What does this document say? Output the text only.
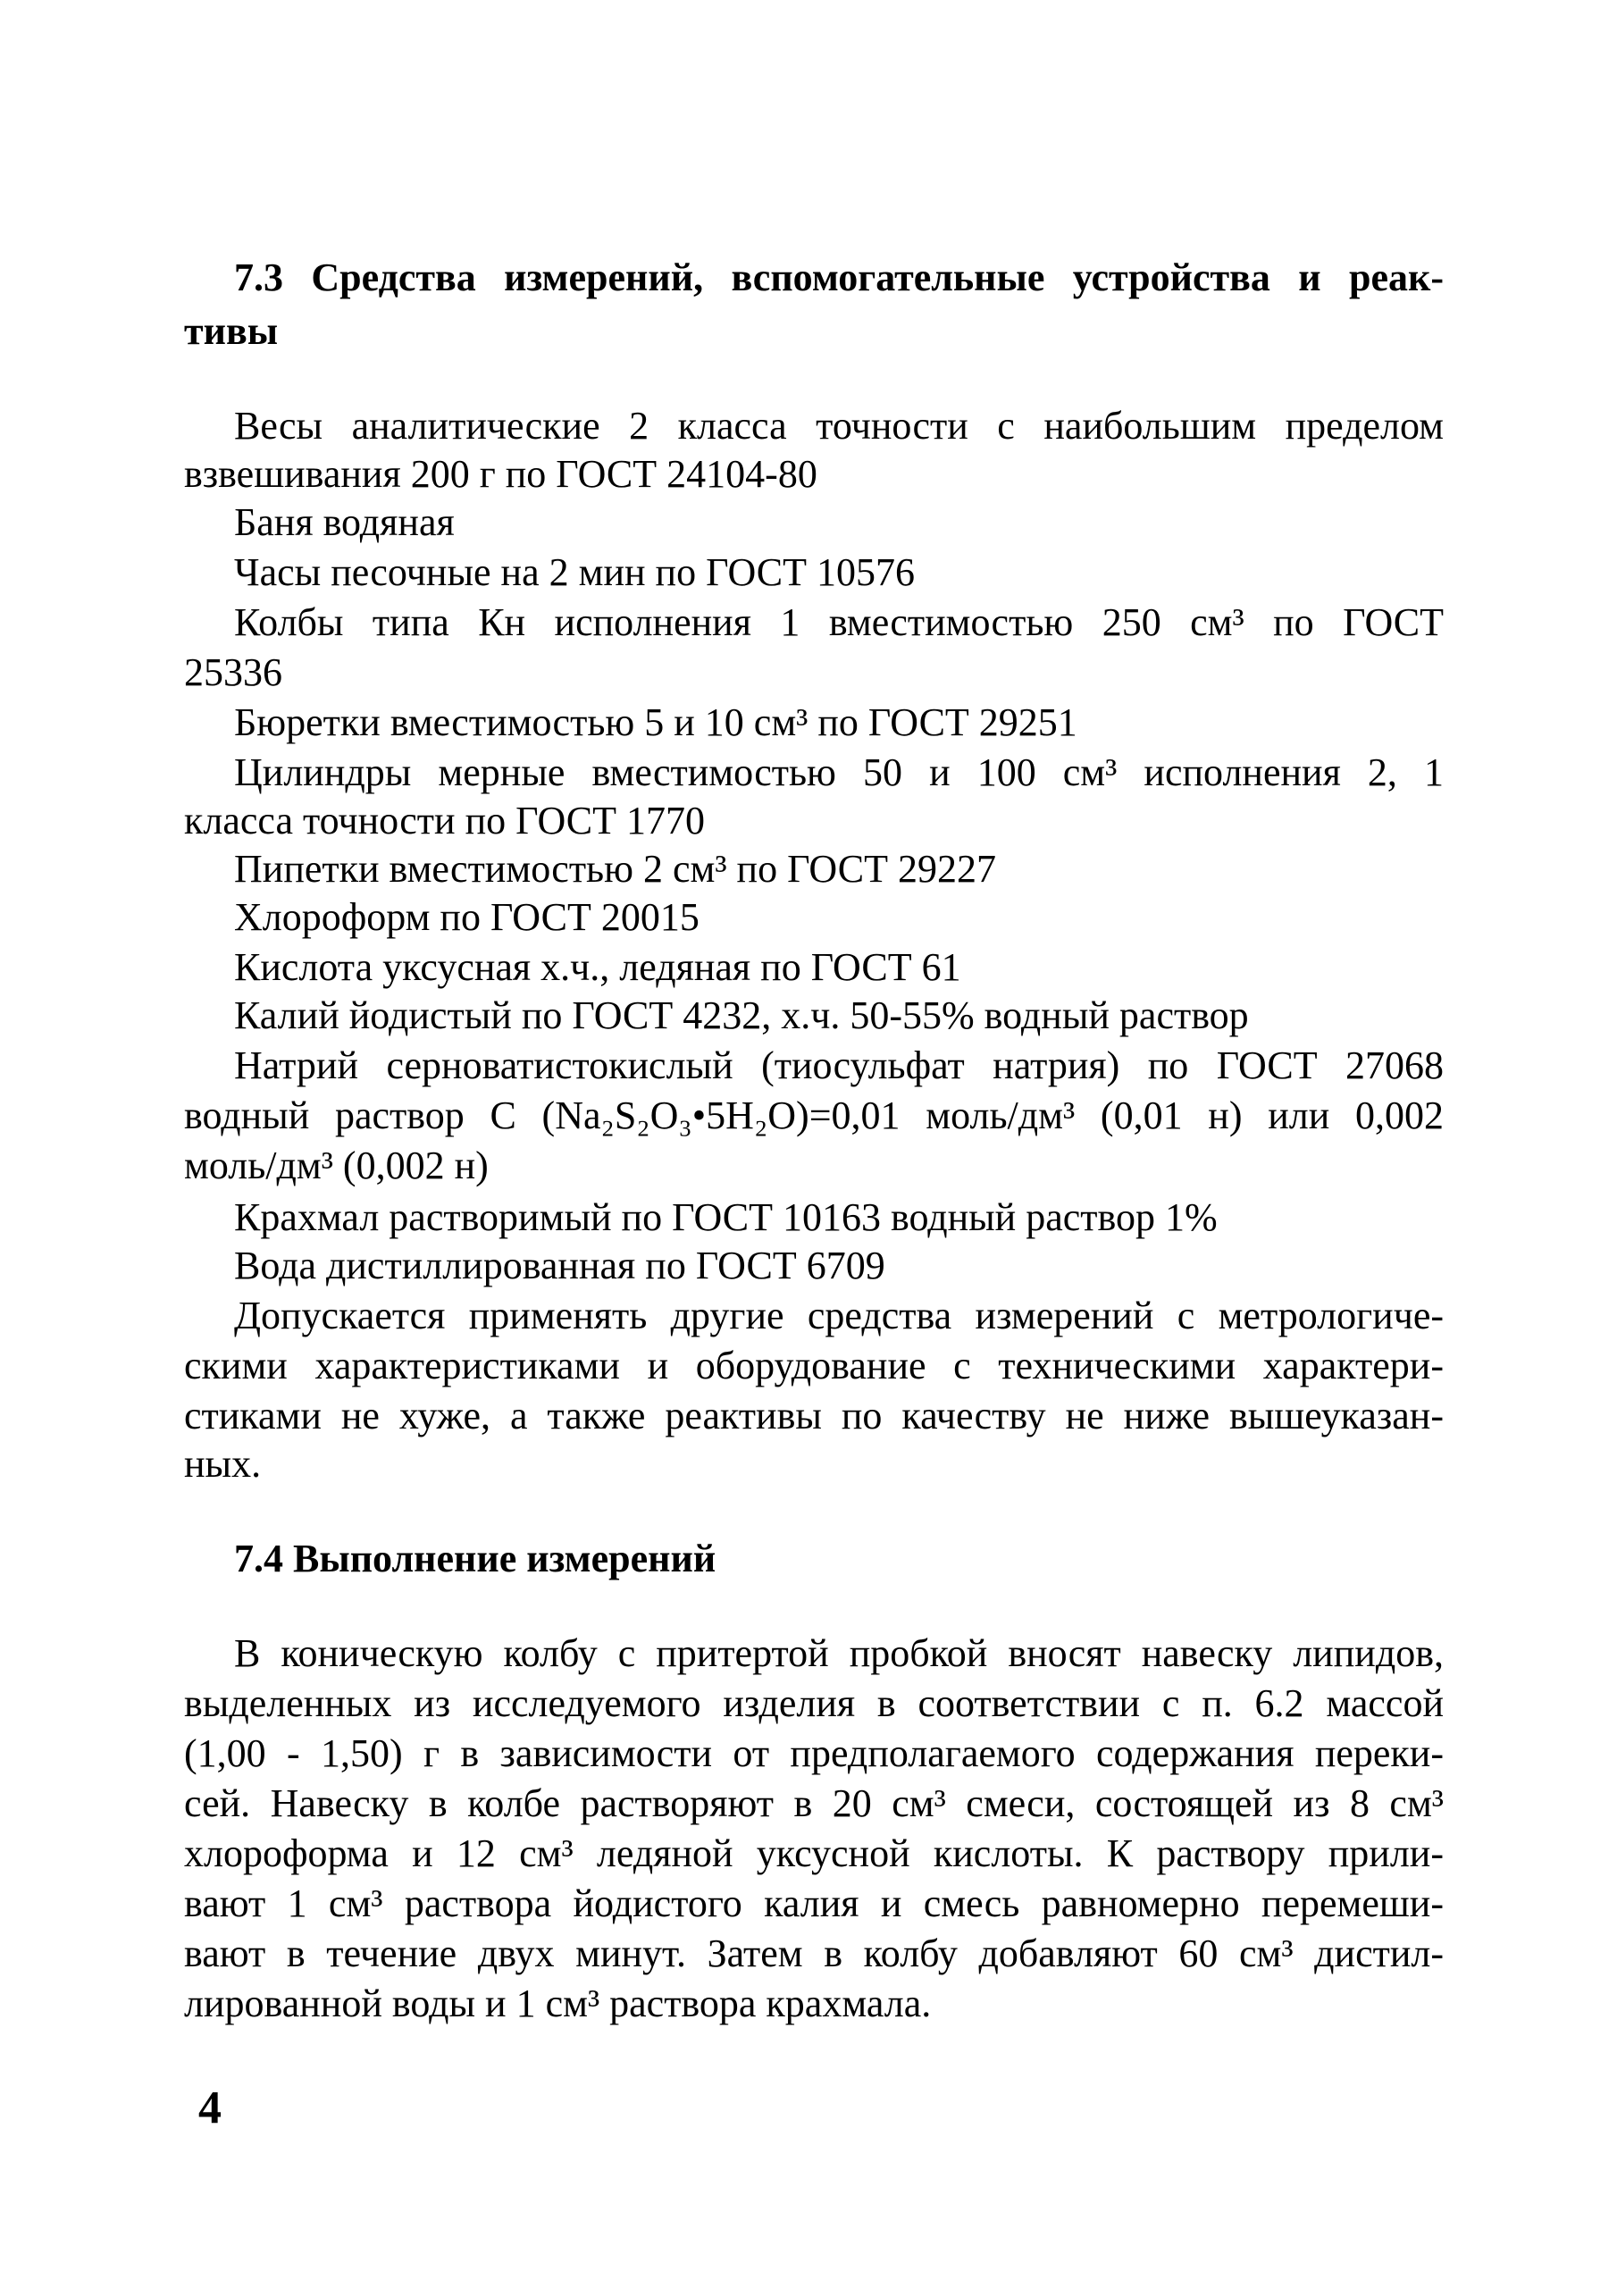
7.3 Средства измерений, вспомогательные устройства и реак-
тивы
Весы аналитические 2 класса точности с наибольшим пределом
взвешивания 200 г по ГОСТ 24104-80
Баня водяная
Часы песочные на 2 мин по ГОСТ 10576
Колбы типа Кн исполнения 1 вместимостью 250 см³ по ГОСТ
25336
Бюретки вместимостью 5 и 10 см³ по ГОСТ 29251
Цилиндры мерные вместимостью 50 и 100 см³ исполнения 2, 1
класса точности по ГОСТ 1770
Пипетки вместимостью 2 см³ по ГОСТ 29227
Хлороформ по ГОСТ 20015
Кислота уксусная х.ч., ледяная по ГОСТ 61
Калий йодистый по ГОСТ 4232, х.ч. 50-55% водный раствор
Натрий серноватистокислый (тиосульфат натрия) по ГОСТ 27068
водный раствор С (Na₂S₂O₃•5H₂O)=0,01 моль/дм³ (0,01 н) или 0,002
моль/дм³ (0,002 н)
Крахмал растворимый по ГОСТ 10163 водный раствор 1%
Вода дистиллированная по ГОСТ 6709
Допускается применять другие средства измерений с метрологиче-
скими характеристиками и оборудование с техническими характери-
стиками не хуже, а также реактивы по качеству не ниже вышеуказан-
ных.
7.4 Выполнение измерений
В коническую колбу с притертой пробкой вносят навеску липидов,
выделенных из исследуемого изделия в соответствии с п. 6.2 массой
(1,00 - 1,50) г в зависимости от предполагаемого содержания переки-
сей. Навеску в колбе растворяют в 20 см³ смеси, состоящей из 8 см³
хлороформа и 12 см³ ледяной уксусной кислоты. К раствору прили-
вают 1 см³ раствора йодистого калия и смесь равномерно перемеши-
вают в течение двух минут. Затем в колбу добавляют 60 см³ дистил-
лированной воды и 1 см³ раствора крахмала.
4
